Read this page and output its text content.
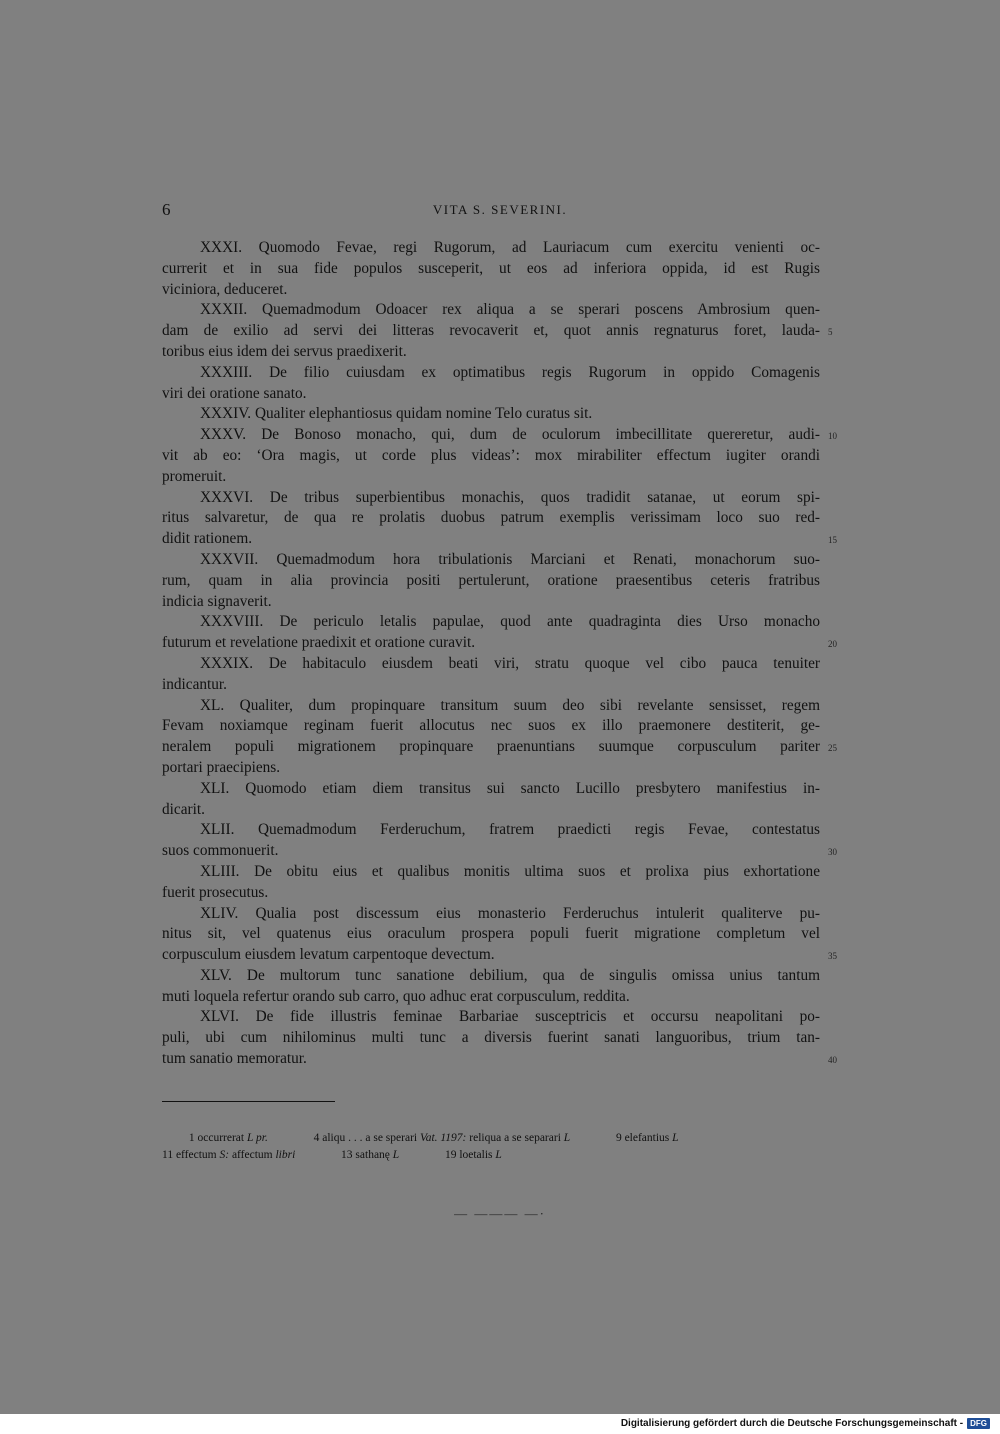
6	VITA S. SEVERINI.
XXXI. Quomodo Fevae, regi Rugorum, ad Lauriacum cum exercitu venienti oc-
currerit et in sua fide populos susceperit, ut eos ad inferiora oppida, id est Rugis
viciniora, deduceret.
XXXII. Quemadmodum Odoacer rex aliqua a se sperari poscens Ambrosium quen-
dam de exilio ad servi dei litteras revocaverit et, quot annis regnaturus foret, lauda-
toribus eius idem dei servus praedixerit.
XXXIII. De filio cuiusdam ex optimatibus regis Rugorum in oppido Comagenis
viri dei oratione sanato.
XXXIV. Qualiter elephantiosus quidam nomine Telo curatus sit.
XXXV. De Bonoso monacho, qui, dum de oculorum imbecillitate quereretur, audi-
vit ab eo: ‘Ora magis, ut corde plus videas’: mox mirabiliter effectum iugiter orandi
promeruit.
XXXVI. De tribus superbientibus monachis, quos tradidit satanae, ut eorum spi-
ritus salvaretur, de qua re prolatis duobus patrum exemplis verissimam loco suo red-
didit rationem.
XXXVII. Quemadmodum hora tribulationis Marciani et Renati, monachorum suo-
rum, quam in alia provincia positi pertulerunt, oratione praesentibus ceteris fratribus
indicia signaverit.
XXXVIII. De periculo letalis papulae, quod ante quadraginta dies Urso monacho
futurum et revelatione praedixit et oratione curavit.
XXXIX. De habitaculo eiusdem beati viri, stratu quoque vel cibo pauca tenuiter
indicantur.
XL. Qualiter, dum propinquare transitum suum deo sibi revelante sensisset, regem
Fevam noxiamque reginam fuerit allocutus nec suos ex illo praemonere destiterit, ge-
neralem populi migrationem propinquare praenuntians suumque corpusculum pariter
portari praecipiens.
XLI. Quomodo etiam diem transitus sui sancto Lucillo presbytero manifestius in-
dicarit.
XLII. Quemadmodum Ferderuchum, fratrem praedicti regis Fevae, contestatus
suos commonuerit.
XLIII. De obitu eius et qualibus monitis ultima suos et prolixa pius exhortatione
fuerit prosecutus.
XLIV. Qualia post discessum eius monasterio Ferderuchus intulerit qualiterve pu-
nitus sit, vel quatenus eius oraculum prospera populi fuerit migratione completum vel
corpusculum eiusdem levatum carpentoque devectum.
XLV. De multorum tunc sanatione debilium, qua de singulis omissa unius tantum
muti loquela refertur orando sub carro, quo adhuc erat corpusculum, reddita.
XLVI. De fide illustris feminae Barbariae susceptricis et occursu neapolitani po-
puli, ubi cum nihilominus multi tunc a diversis fuerint sanati languoribus, trium tan-
tum sanatio memoratur.
5
10
15
20
25
30
35
40
1 occurrerat L pr.	4 aliqu . . . a se sperari Vat. 1197: reliqua a se separari L	9 elefantius L
11 effectum S: affectum libri	13 sathanę L	19 loetalis L
— ——— —·
Digitalisierung gefördert durch die Deutsche Forschungsgemeinschaft - DFG
